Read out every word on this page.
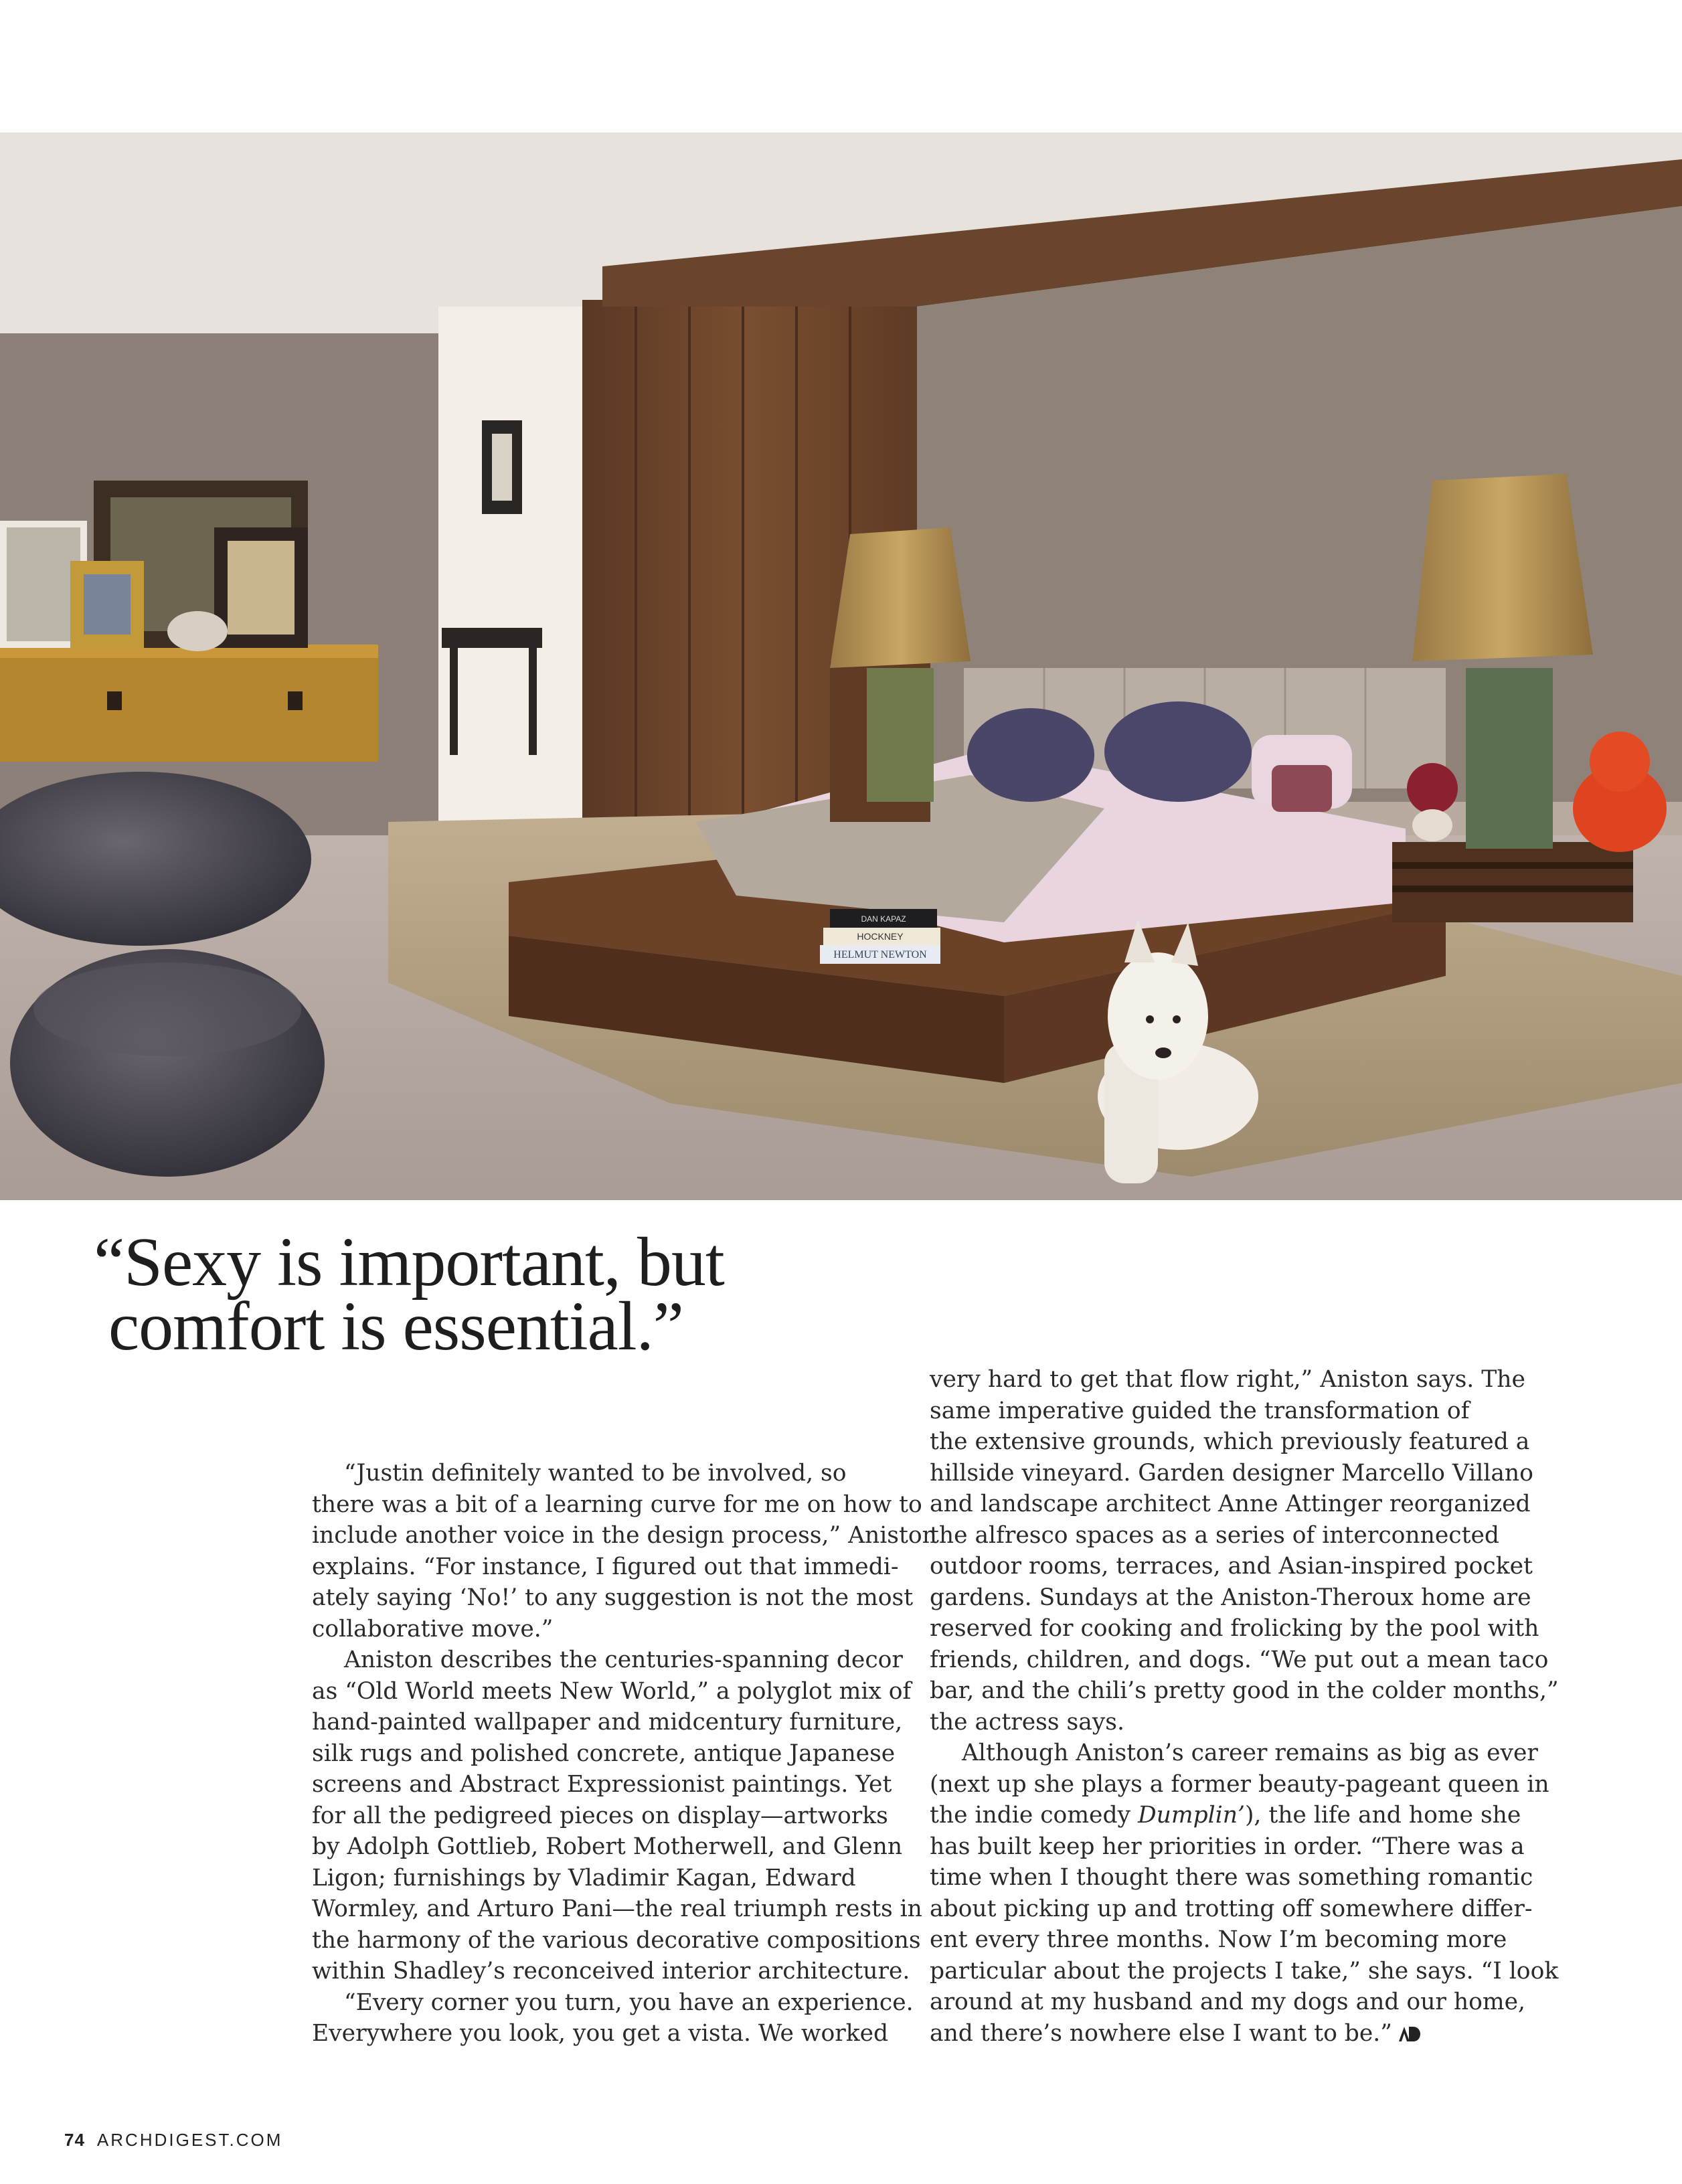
HOCKNEY
HELMUT NEWTON
DAN KAPAZ
“Sexy is important, but
comfort is essential.”
“Justin definitely wanted to be involved, so
there was a bit of a learning curve for me on how to
include another voice in the design process,” Aniston
explains. “For instance, I figured out that immedi-
ately saying ‘No!’ to any suggestion is not the most
collaborative move.”
Aniston describes the centuries-spanning decor
as “Old World meets New World,” a polyglot mix of
hand-painted wallpaper and midcentury furniture,
silk rugs and polished concrete, antique Japanese
screens and Abstract Expressionist paintings. Yet
for all the pedigreed pieces on display—artworks
by Adolph Gottlieb, Robert Motherwell, and Glenn
Ligon; furnishings by Vladimir Kagan, Edward
Wormley, and Arturo Pani—the real triumph rests in
the harmony of the various decorative compositions
within Shadley’s reconceived interior architecture.
“Every corner you turn, you have an experience.
Everywhere you look, you get a vista. We worked
very hard to get that flow right,” Aniston says. The
same imperative guided the transformation of
the extensive grounds, which previously featured a
hillside vineyard. Garden designer Marcello Villano
and landscape architect Anne Attinger reorganized
the alfresco spaces as a series of interconnected
outdoor rooms, terraces, and Asian-inspired pocket
gardens. Sundays at the Aniston-Theroux home are
reserved for cooking and frolicking by the pool with
friends, children, and dogs. “We put out a mean taco
bar, and the chili’s pretty good in the colder months,”
the actress says.
Although Aniston’s career remains as big as ever
(next up she plays a former beauty-pageant queen in
the indie comedy Dumplin’), the life and home she
has built keep her priorities in order. “There was a
time when I thought there was something romantic
about picking up and trotting off somewhere differ-
ent every three months. Now I’m becoming more
particular about the projects I take,” she says. “I look
around at my husband and my dogs and our home,
and there’s nowhere else I want to be.”
74 ARCHDIGEST.COM
